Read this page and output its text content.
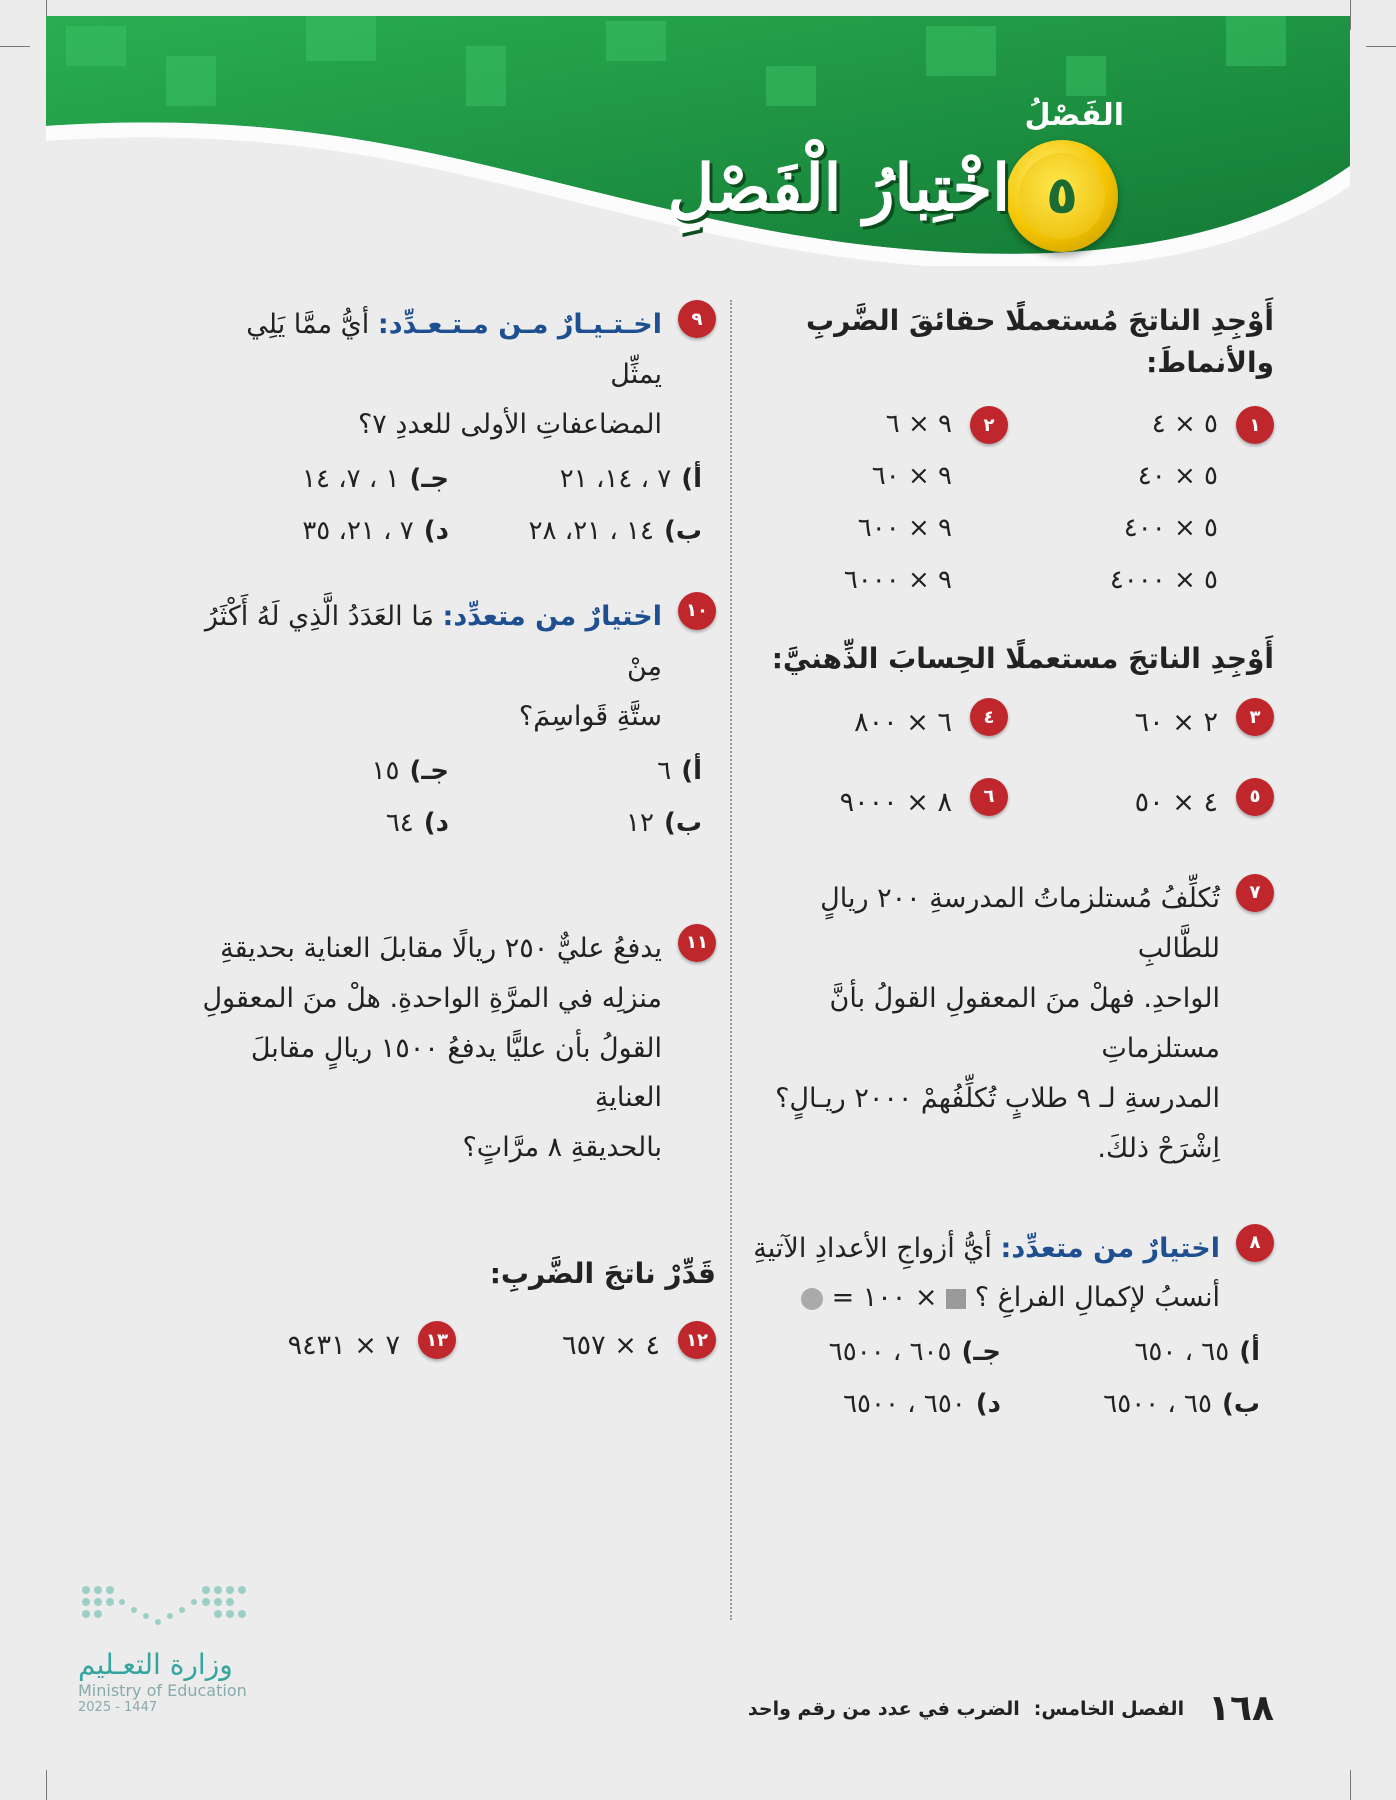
الفَصْلُ
٥
اخْتِبارُ الْفَصْلِ

أَوْجِدِ الناتجَ مُستعملًا حقائقَ الضَّربِ والأنماطَ:

١
٥ × ٤
٥ × ٤٠
٥ × ٤٠٠
٥ × ٤٠٠٠
٢
٩ × ٦
٩ × ٦٠
٩ × ٦٠٠
٩ × ٦٠٠٠

أَوْجِدِ الناتجَ مستعملًا الحِسابَ الذِّهنيَّ:

٣
٢ × ٦٠
٤
٦ × ٨٠٠
٥
٤ × ٥٠
٦
٨ × ٩٠٠٠
٧
تُكلِّفُ مُستلزماتُ المدرسةِ ٢٠٠ ريالٍ للطَّالبِ
الواحدِ. فهلْ منَ المعقولِ القولُ بأنَّ مستلزماتِ
المدرسةِ لـ ٩ طلابٍ تُكلِّفُهمْ ٢٠٠٠ ريـالٍ؟
اِشْرَحْ ذلكَ.
٨
اختيارٌ من متعدِّد: أيُّ أزواجِ الأعدادِ الآتيةِ
أنسبُ لإكمالِ الفراغِ ؟  × ١٠٠ =
أ)٦٥ ، ٦٥٠
جـ)٦٠٥ ، ٦٥٠٠
ب)٦٥ ، ٦٥٠٠
د)٦٥٠ ، ٦٥٠٠
٩
اخـتـيـارٌ مـن مـتـعـدِّد: أيُّ ممَّا يَلِي يمثِّل
المضاعفاتِ الأولى للعددِ ٧؟
أ)٧ ، ١٤، ٢١
جـ)١ ، ٧، ١٤
ب)١٤ ، ٢١، ٢٨
د)٧ ، ٢١، ٣٥
١٠
اختيارٌ من متعدِّد: مَا العَدَدُ الَّذِي لَهُ أَكْثَرُ مِنْ
ستَّةِ قَواسِمَ؟
أ)٦
جـ)١٥
ب)١٢
د)٦٤
١١
يدفعُ عليٌّ ٢٥٠ ريالًا مقابلَ العناية بحديقةِ
منزلِه في المرَّةِ الواحدةِ. هلْ منَ المعقولِ
القولُ بأن عليًّا يدفعُ ١٥٠٠ ريالٍ مقابلَ العنايةِ
بالحديقةِ ٨ مرَّاتٍ؟

قَدِّرْ ناتجَ الضَّربِ:

١٢
٤ × ٦٥٧
١٣
٧ × ٩٤٣١
وزارة التعـليم
Ministry of Education
2025 - 1447	١٦٨
الفصل الخامس:
الضرب في عدد من رقم واحد
